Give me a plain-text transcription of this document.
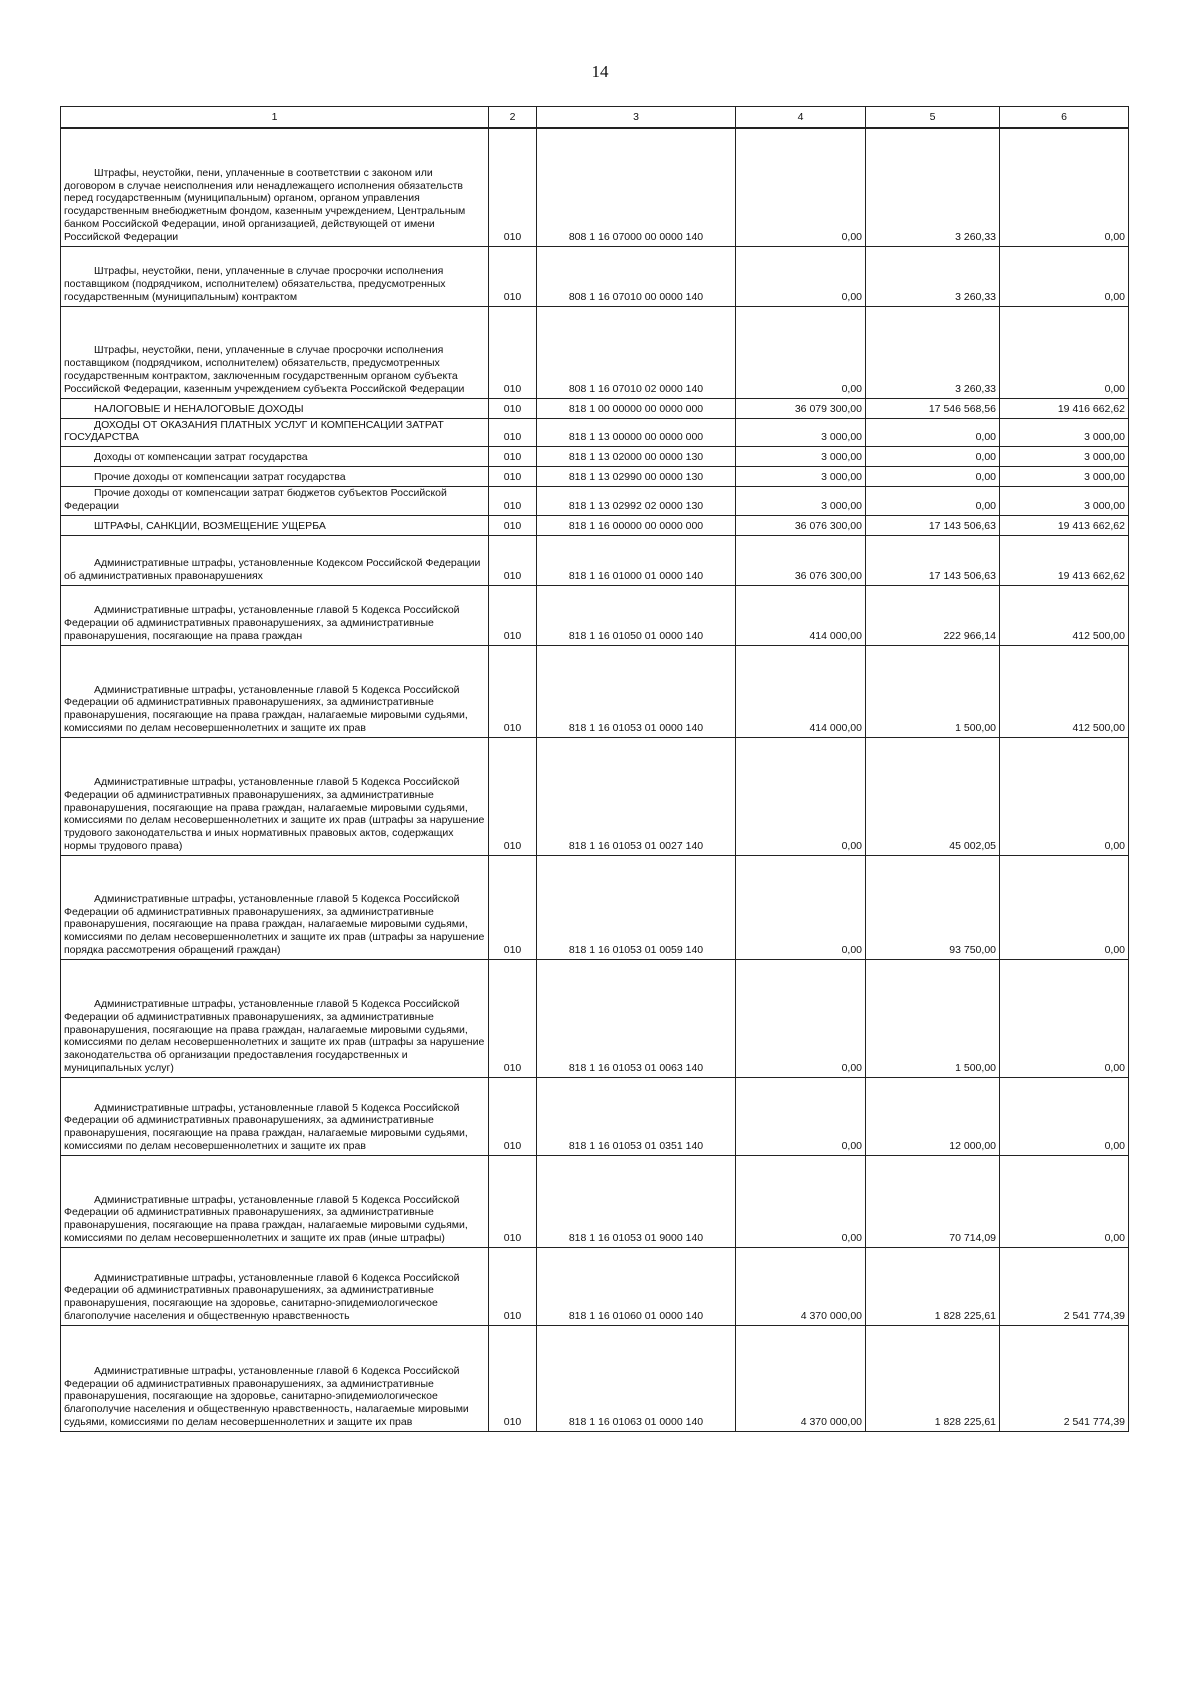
14
1	2	3	4	5	6
Штрафы, неустойки, пени, уплаченные в соответствии с законом или договором в случае неисполнения или ненадлежащего исполнения обязательств перед государственным (муниципальным) органом, органом управления государственным внебюджетным фондом, казенным учреждением, Центральным банком Российской Федерации, иной организацией, действующей от имени Российской Федерации	010	808 1 16 07000 00 0000 140	0,00	3 260,33	0,00
Штрафы, неустойки, пени, уплаченные в случае просрочки исполнения поставщиком (подрядчиком, исполнителем) обязательства, предусмотренных государственным (муниципальным) контрактом	010	808 1 16 07010 00 0000 140	0,00	3 260,33	0,00
Штрафы, неустойки, пени, уплаченные в случае просрочки исполнения поставщиком (подрядчиком, исполнителем) обязательств, предусмотренных государственным контрактом, заключенным государственным органом субъекта Российской Федерации, казенным учреждением субъекта Российской Федерации	010	808 1 16 07010 02 0000 140	0,00	3 260,33	0,00
НАЛОГОВЫЕ И НЕНАЛОГОВЫЕ ДОХОДЫ	010	818 1 00 00000 00 0000 000	36 079 300,00	17 546 568,56	19 416 662,62
ДОХОДЫ ОТ ОКАЗАНИЯ ПЛАТНЫХ УСЛУГ И КОМПЕНСАЦИИ ЗАТРАТ ГОСУДАРСТВА	010	818 1 13 00000 00 0000 000	3 000,00	0,00	3 000,00
Доходы от компенсации затрат государства	010	818 1 13 02000 00 0000 130	3 000,00	0,00	3 000,00
Прочие доходы от компенсации затрат государства	010	818 1 13 02990 00 0000 130	3 000,00	0,00	3 000,00
Прочие доходы от компенсации затрат бюджетов субъектов Российской Федерации	010	818 1 13 02992 02 0000 130	3 000,00	0,00	3 000,00
ШТРАФЫ, САНКЦИИ, ВОЗМЕЩЕНИЕ УЩЕРБА	010	818 1 16 00000 00 0000 000	36 076 300,00	17 143 506,63	19 413 662,62
Административные штрафы, установленные Кодексом Российской Федерации об административных правонарушениях	010	818 1 16 01000 01 0000 140	36 076 300,00	17 143 506,63	19 413 662,62
Административные штрафы, установленные главой 5 Кодекса Российской Федерации об административных правонарушениях, за административные правонарушения, посягающие на права граждан	010	818 1 16 01050 01 0000 140	414 000,00	222 966,14	412 500,00
Административные штрафы, установленные главой 5 Кодекса Российской Федерации об административных правонарушениях, за административные правонарушения, посягающие на права граждан, налагаемые мировыми судьями, комиссиями по делам несовершеннолетних и защите их прав	010	818 1 16 01053 01 0000 140	414 000,00	1 500,00	412 500,00
Административные штрафы, установленные главой 5 Кодекса Российской Федерации об административных правонарушениях, за административные правонарушения, посягающие на права граждан, налагаемые мировыми судьями, комиссиями по делам несовершеннолетних и защите их прав (штрафы за нарушение трудового законодательства и иных нормативных правовых актов, содержащих нормы трудового права)	010	818 1 16 01053 01 0027 140	0,00	45 002,05	0,00
Административные штрафы, установленные главой 5 Кодекса Российской Федерации об административных правонарушениях, за административные правонарушения, посягающие на права граждан, налагаемые мировыми судьями, комиссиями по делам несовершеннолетних и защите их прав (штрафы за нарушение порядка рассмотрения обращений граждан)	010	818 1 16 01053 01 0059 140	0,00	93 750,00	0,00
Административные штрафы, установленные главой 5 Кодекса Российской Федерации об административных правонарушениях, за административные правонарушения, посягающие на права граждан, налагаемые мировыми судьями, комиссиями по делам несовершеннолетних и защите их прав (штрафы за нарушение законодательства об организации предоставления государственных и муниципальных услуг)	010	818 1 16 01053 01 0063 140	0,00	1 500,00	0,00
Административные штрафы, установленные главой 5 Кодекса Российской Федерации об административных правонарушениях, за административные правонарушения, посягающие на права граждан, налагаемые мировыми судьями, комиссиями по делам несовершеннолетних и защите их прав	010	818 1 16 01053 01 0351 140	0,00	12 000,00	0,00
Административные штрафы, установленные главой 5 Кодекса Российской Федерации об административных правонарушениях, за административные правонарушения, посягающие на права граждан, налагаемые мировыми судьями, комиссиями по делам несовершеннолетних и защите их прав (иные штрафы)	010	818 1 16 01053 01 9000 140	0,00	70 714,09	0,00
Административные штрафы, установленные главой 6 Кодекса Российской Федерации об административных правонарушениях, за административные правонарушения, посягающие на здоровье, санитарно-эпидемиологическое благополучие населения и общественную нравственность	010	818 1 16 01060 01 0000 140	4 370 000,00	1 828 225,61	2 541 774,39
Административные штрафы, установленные главой 6 Кодекса Российской Федерации об административных правонарушениях, за административные правонарушения, посягающие на здоровье, санитарно-эпидемиологическое благополучие населения и общественную нравственность, налагаемые мировыми судьями, комиссиями по делам несовершеннолетних и защите их прав	010	818 1 16 01063 01 0000 140	4 370 000,00	1 828 225,61	2 541 774,39
